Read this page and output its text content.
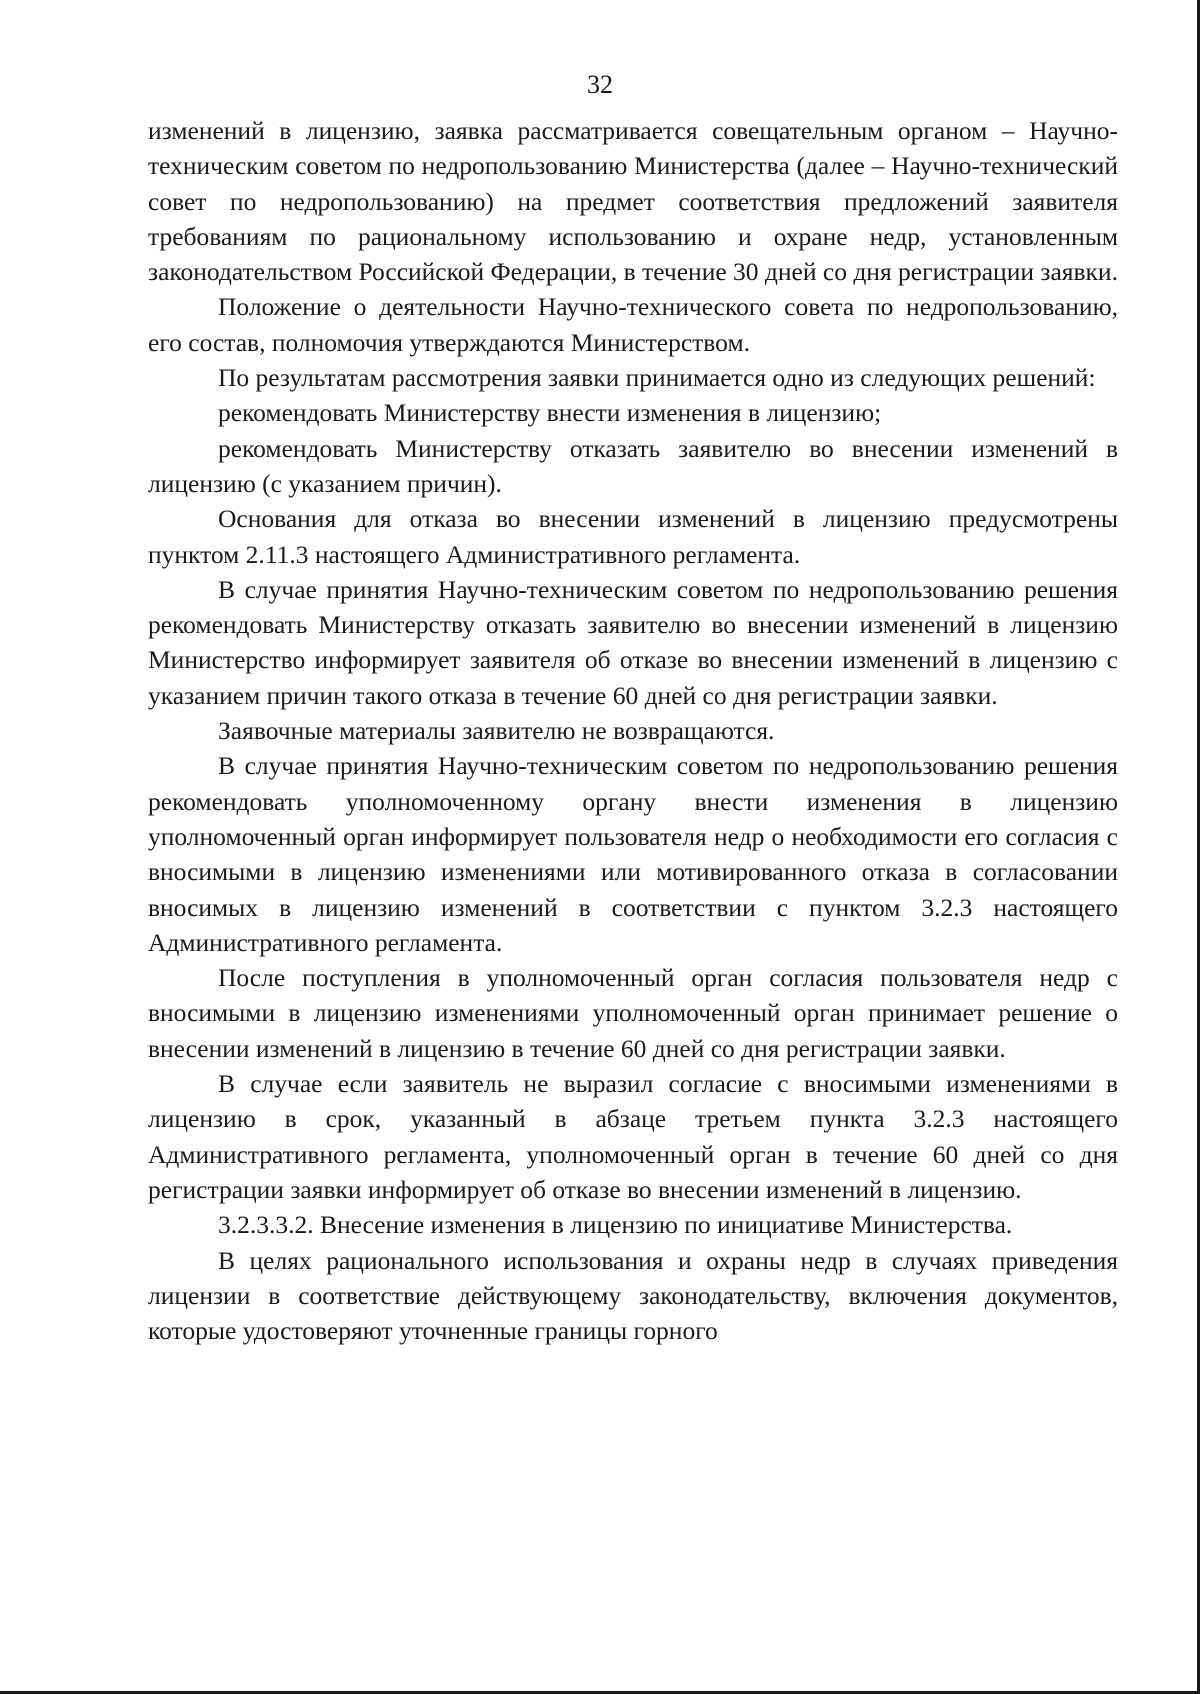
32

изменений в лицензию, заявка рассматривается совещательным органом – Научно-техническим советом по недропользованию Министерства (далее – Научно-технический совет по недропользованию) на предмет соответствия предложений заявителя требованиям по рациональному использованию и охране недр, установленным законодательством Российской Федерации, в течение 30 дней со дня регистрации заявки.

Положение о деятельности Научно-технического совета по недропользованию, его состав, полномочия утверждаются Министерством.

По результатам рассмотрения заявки принимается одно из следующих решений:

рекомендовать Министерству внести изменения в лицензию;

рекомендовать Министерству отказать заявителю во внесении изменений в лицензию (с указанием причин).

Основания для отказа во внесении изменений в лицензию предусмотрены пунктом 2.11.3 настоящего Административного регламента.

В случае принятия Научно-техническим советом по недропользованию решения рекомендовать Министерству отказать заявителю во внесении изменений в лицензию Министерство информирует заявителя об отказе во внесении изменений в лицензию с указанием причин такого отказа в течение 60 дней со дня регистрации заявки.

Заявочные материалы заявителю не возвращаются.

В случае принятия Научно-техническим советом по недропользованию решения рекомендовать уполномоченному органу внести изменения в лицензию уполномоченный орган информирует пользователя недр о необходимости его согласия с вносимыми в лицензию изменениями или мотивированного отказа в согласовании вносимых в лицензию изменений в соответствии с пунктом 3.2.3 настоящего Административного регламента.

После поступления в уполномоченный орган согласия пользователя недр с вносимыми в лицензию изменениями уполномоченный орган принимает решение о внесении изменений в лицензию в течение 60 дней со дня регистрации заявки.

В случае если заявитель не выразил согласие с вносимыми изменениями в лицензию в срок, указанный в абзаце третьем пункта 3.2.3 настоящего Административного регламента, уполномоченный орган в течение 60 дней со дня регистрации заявки информирует об отказе во внесении изменений в лицензию.

3.2.3.3.2. Внесение изменения в лицензию по инициативе Министерства.

В целях рационального использования и охраны недр в случаях приведения лицензии в соответствие действующему законодательству, включения документов, которые удостоверяют уточненные границы горного
